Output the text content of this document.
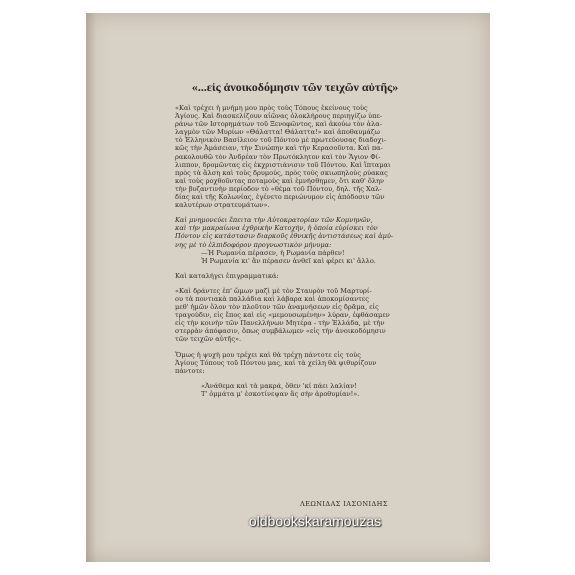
«...εἰς ἀνοικοδόμησιν τῶν τειχῶν αὐτῆς»

«Καὶ τρέχει ἡ μνήμη μου πρὸς τοὺς Τόπους ἐκείνους τοὺς

Ἁγίους. Καὶ διασκελίζουν αἰῶνας ὁλοκλήρους περιηγίζω ὑπε-

ράνω τῶν Ιστορημάτων τοῦ Ξενοφῶντος, καὶ ἀκούω τὸν ἀλα-

λαγμὸν τῶν Μυρίων «Θάλαττα! Θάλαττα!» καὶ ἀποθαυμάζω

τὸ Ἑλληνικὸν Βασίλειον τοῦ Πόντου μὲ πρωτεύουσας διαδοχι-

κῶς τὴν Ἀμάσειαν, τὴν Σινώπην καὶ τὴν Κερασοῦντα. Καὶ πα-

ρακολουθῶ τὸν Ἀνδρέαν τὸν Πρωτόκλητον καὶ τὸν Ἅγιον Φί-

λιππον, δρομῶντας εἰς ἐκχριστιάνισιν τοῦ Πόντου. Καὶ ἵπταμαι

πρὸς τὰ ἄλση καὶ τοὺς δρυμούς, πρὸς τοὺς σκιωπηλοὺς ρύακας

καὶ τοὺς ροχθοῦντας ποταμοὺς καὶ ἐμνήσθημεν, ὅτι καθ' ὅλην

τὴν βυζαντινὴν περίοδον τὸ «θέμα τοῦ Πόντου, δηλ. τῆς Χαλ-

δίας καὶ τῆς Κολωνίας, ἐγένετο περιώνυμον εἰς ἀπόδοσιν τῶν

καλυτέρων στρατευμάτων».

Καὶ μνημονεύει ἔπειτα τὴν Αὐτοκρατορίαν τῶν Κομνηνῶν,

καὶ τὴν μακραίωνα ἐχθρικὴν Κατοχήν, ἡ ὁποία εὑρίσκει τὸν

Πόντον εἰς κατάστασιν διαρκοῦς ἐθνικῆς ἀντιστάσεως καὶ ἀμύ-

νης μὲ τὸ ἐλπιδοφόρον προγνωστικὸν μήνυμα:

—Ἡ Ρωμανία πέρασεν, ἡ Ρωμανία πάρθεν!

Ἡ Ρωμανία κι' ἂν πέρασεν ἀνθεῖ καὶ φέρει κι' ἄλλο.

Καὶ καταλήγει ἐπιγραμματικά:

«Καὶ δράντες ἐπ' ὤμων μαζὶ μὲ τὸν Σταυρὸν τοῦ Μαρτυρί-

ου τὰ ποντιακὰ παλλάδια καὶ λάβαρα καὶ ἀποκομίσαντες

μεθ' ἡμῶν ὅλον τὸν πλοῦτον τῶν ἀναμνήσεων εἰς δρᾶμα, εἰς

τραγούδιν, εἰς ἔπος καὶ εἰς «μεμουσωμένην» λύραν, ἐφθάσαμεν

εἰς τὴν κοινὴν τῶν Πανελλήνων Μητέρα - τὴν Ἑλλάδα, μὲ τὴν

στερρὰν ἀπόφασιν, ὅπως συμβάλωμεν «εἰς τὴν ἀνοικοδόμησιν

τῶν τειχῶν αὐτῆς».

Ὅμως ἡ ψυχὴ μου τρέχει καὶ θὰ τρέχῃ πάντοτε εἰς τοὺς

Ἁγίους Τόπους τοῦ Πόντου μας, καὶ τὰ χείλη θὰ ψιθυρίζουν

πάντοτε:

«Ἀνάθεμα καὶ τὰ μακρά, ὅθεν 'κί πάει λαλίαν!

Τ' ὀμμάτα μ' ἐσκοτίνεψαν ἃς σὴν ἀροθυμίαν!».

ΛΕΩΝΙΔΑΣ ΙΑΣΟΝΙΔΗΣ
oldbookskaramouzas
